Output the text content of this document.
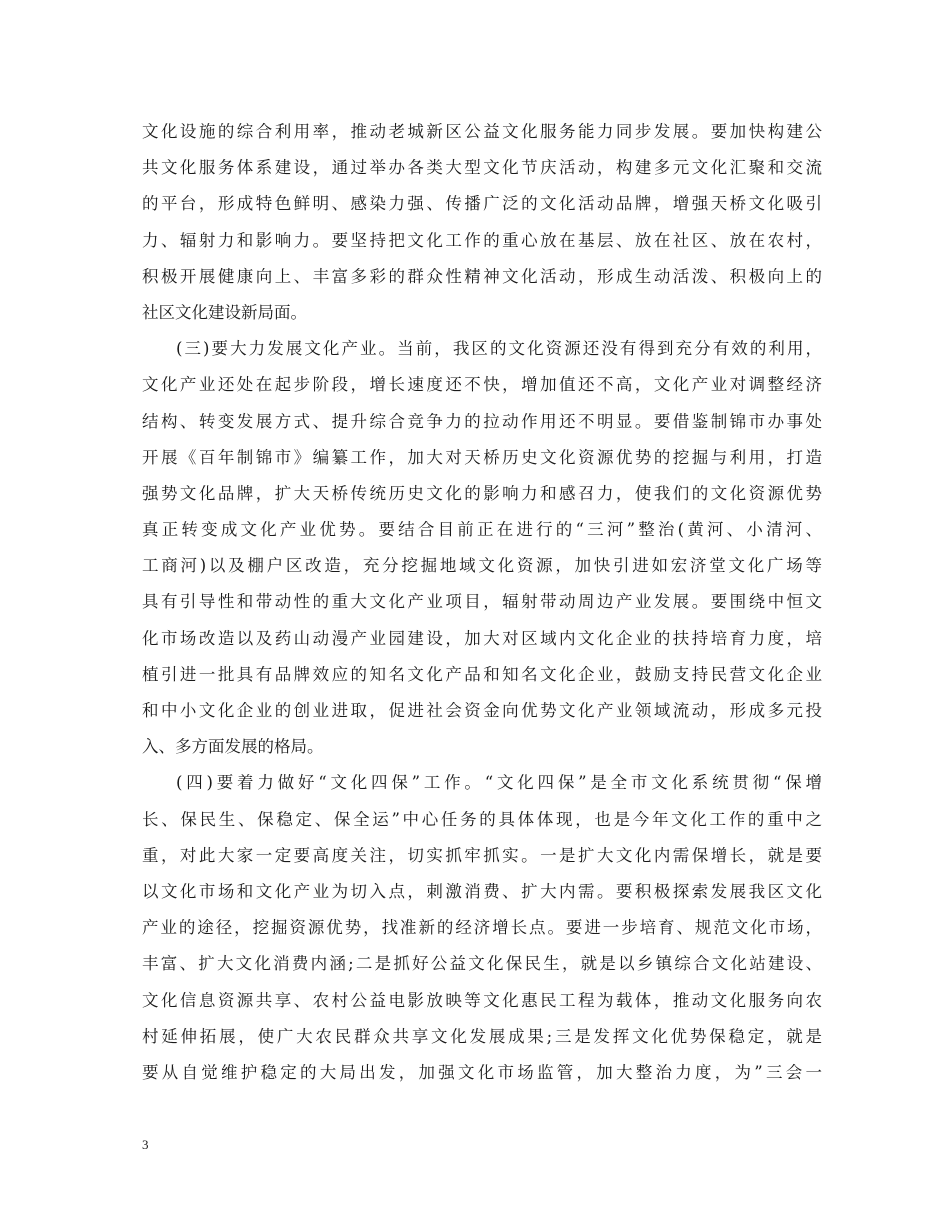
文化设施的综合利用率，推动老城新区公益文化服务能力同步发展。要加快构建公
共文化服务体系建设，通过举办各类大型文化节庆活动，构建多元文化汇聚和交流
的平台，形成特色鲜明、感染力强、传播广泛的文化活动品牌，增强天桥文化吸引
力、辐射力和影响力。要坚持把文化工作的重心放在基层、放在社区、放在农村，
积极开展健康向上、丰富多彩的群众性精神文化活动，形成生动活泼、积极向上的
社区文化建设新局面。
(三)要大力发展文化产业。当前，我区的文化资源还没有得到充分有效的利用，
文化产业还处在起步阶段，增长速度还不快，增加值还不高，文化产业对调整经济
结构、转变发展方式、提升综合竞争力的拉动作用还不明显。要借鉴制锦市办事处
开展《百年制锦市》编纂工作，加大对天桥历史文化资源优势的挖掘与利用，打造
强势文化品牌，扩大天桥传统历史文化的影响力和感召力，使我们的文化资源优势
真正转变成文化产业优势。要结合目前正在进行的“三河”整治(黄河、小清河、
工商河)以及棚户区改造，充分挖掘地域文化资源，加快引进如宏济堂文化广场等
具有引导性和带动性的重大文化产业项目，辐射带动周边产业发展。要围绕中恒文
化市场改造以及药山动漫产业园建设，加大对区域内文化企业的扶持培育力度，培
植引进一批具有品牌效应的知名文化产品和知名文化企业，鼓励支持民营文化企业
和中小文化企业的创业进取，促进社会资金向优势文化产业领域流动，形成多元投
入、多方面发展的格局。
(四)要着力做好“文化四保”工作。“文化四保”是全市文化系统贯彻“保增
长、保民生、保稳定、保全运”中心任务的具体体现，也是今年文化工作的重中之
重，对此大家一定要高度关注，切实抓牢抓实。一是扩大文化内需保增长，就是要
以文化市场和文化产业为切入点，刺激消费、扩大内需。要积极探索发展我区文化
产业的途径，挖掘资源优势，找准新的经济增长点。要进一步培育、规范文化市场，
丰富、扩大文化消费内涵;二是抓好公益文化保民生，就是以乡镇综合文化站建设、
文化信息资源共享、农村公益电影放映等文化惠民工程为载体，推动文化服务向农
村延伸拓展，使广大农民群众共享文化发展成果;三是发挥文化优势保稳定，就是
要从自觉维护稳定的大局出发，加强文化市场监管，加大整治力度，为”三会一
3
